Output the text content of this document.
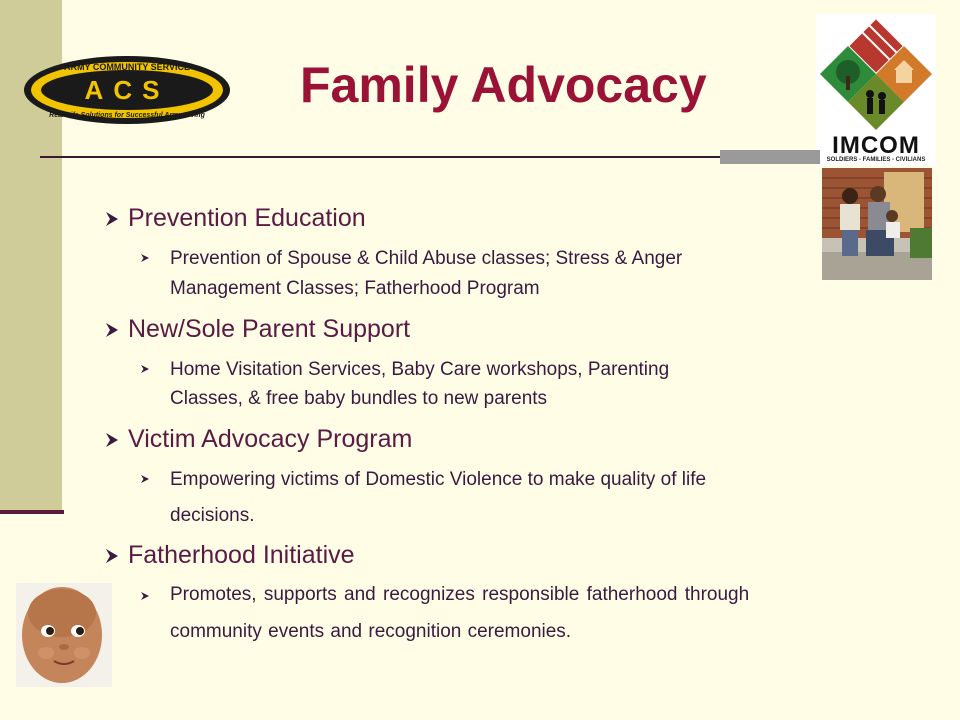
ARMY COMMUNITY SERVICE
ACS
Real-Life Solutions for Successful Army Living
Family Advocacy
IMCOM
SOLDIERS - FAMILIES - CIVILIANS
Prevention Education
Prevention of Spouse & Child Abuse classes; Stress & Anger
Management Classes; Fatherhood Program
New/Sole Parent Support
Home Visitation Services, Baby Care workshops, Parenting
Classes, & free baby bundles to new parents
Victim Advocacy Program
Empowering victims of Domestic Violence to make quality of life
decisions.
Fatherhood Initiative
Promotes, supports and recognizes responsible fatherhood through
community events and recognition ceremonies.
